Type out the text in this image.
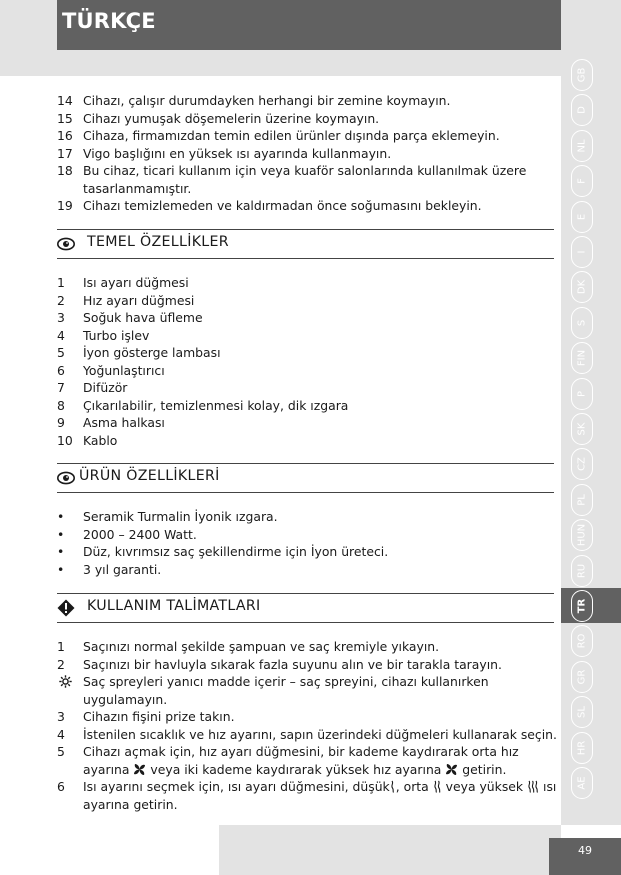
TÜRKÇE
GB
D
NL
F
E
I
DK
S
FIN
P
SK
CZ
PL
HUN
RU
TR
RO
GR
SL
HR
AE
49
14 Cihazı, çalışır durumdayken herhangi bir zemine koymayın.
15 Cihazı yumuşak döşemelerin üzerine koymayın.
16 Cihaza, firmamızdan temin edilen ürünler dışında parça eklemeyin.
17 Vigo başlığını en yüksek ısı ayarında kullanmayın.
18 Bu cihaz, ticari kullanım için veya kuaför salonlarında kullanılmak üzere
tasarlanmamıştır.
19 Cihazı temizlemeden ve kaldırmadan önce soğumasını bekleyin.
TEMEL ÖZELLİKLER
1	Isı ayarı düğmesi
2	Hız ayarı düğmesi
3	Soğuk hava üfleme
4	Turbo işlev
5	İyon gösterge lambası
6	Yoğunlaştırıcı
7	Difüzör
8	Çıkarılabilir, temizlenmesi kolay, dik ızgara
9	Asma halkası
10 Kablo
ÜRÜN ÖZELLİKLERİ
•	Seramik Turmalin İyonik ızgara.
•	2000 – 2400 Watt.
•	Düz, kıvrımsız saç şekillendirme için İyon üreteci.
•	3 yıl garanti.
KULLANIM TALİMATLARI
1	Saçınızı normal şekilde şampuan ve saç kremiyle yıkayın.
2	Saçınızı bir havluyla sıkarak fazla suyunu alın ve bir tarakla tarayın.
Saç spreyleri yanıcı madde içerir – saç spreyini, cihazı kullanırken
uygulamayın.
3	Cihazın fişini prize takın.
4	İstenilen sıcaklık ve hız ayarını, sapın üzerindeki düğmeleri kullanarak seçin.
5	Cihazı açmak için, hız ayarı düğmesini, bir kademe kaydırarak orta hız
ayarına veya iki kademe kaydırarak yüksek hız ayarına getirin.
6	Isı ayarını seçmek için, ısı ayarı düğmesini, düşük , orta veya yüksek ısı
ayarına getirin.
